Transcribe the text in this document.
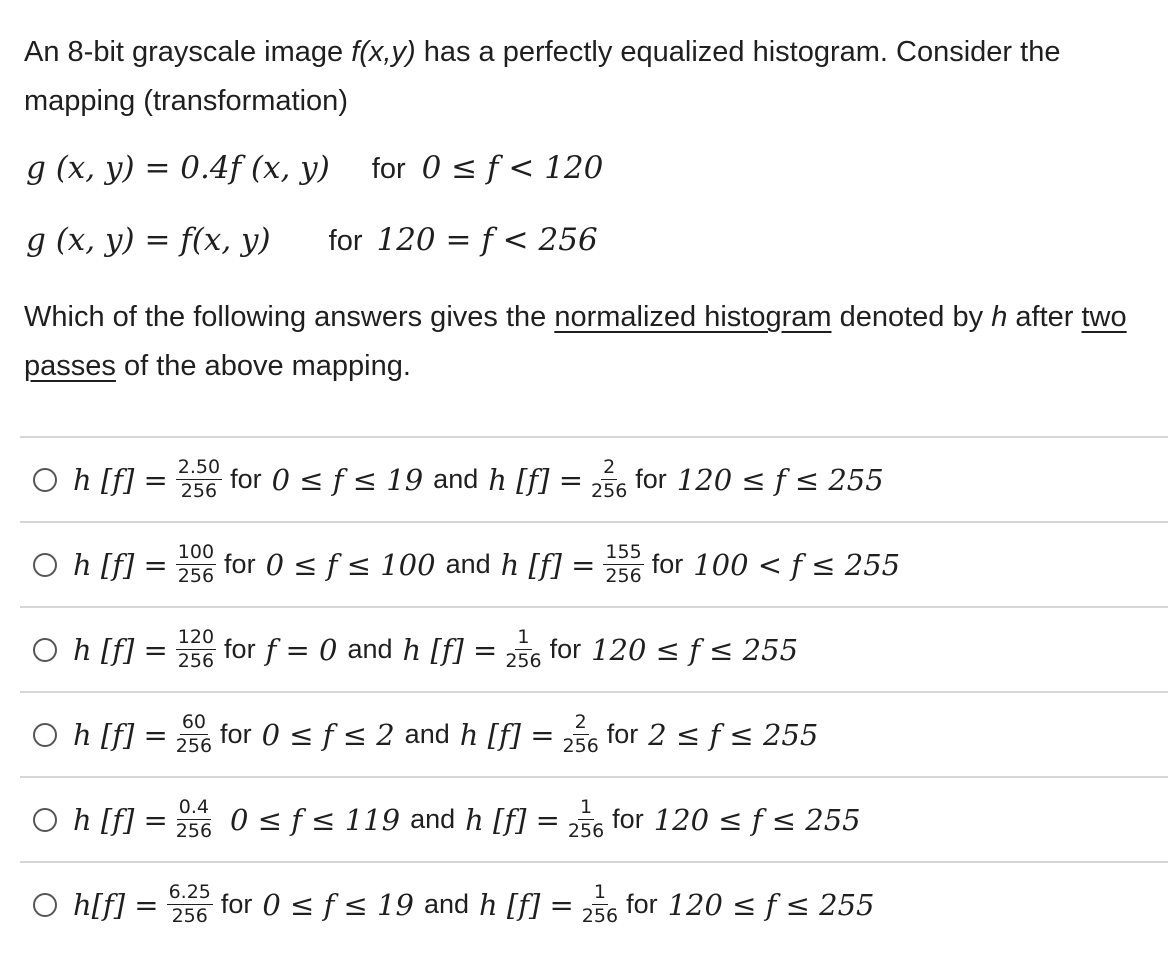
An 8-bit grayscale image f(x,y) has a perfectly equalized histogram. Consider the mapping (transformation)

g (x, y) = 0.4f (x, y) for 0 ≤ f < 120
g (x, y) = f(x, y) for 120 = f < 256

Which of the following answers gives the normalized histogram denoted by h after two passes of the above mapping.

h $[f] = \frac{2.50}{256}$ for 0 ≤ f ≤ 19 and h $[f] = \frac{2}{256}$ for 120 ≤ f ≤ 255
h $[f] = \frac{100}{256}$ for 0 ≤ f ≤ 100 and h $[f] = \frac{155}{256}$ for 100 < f ≤ 255
h $[f] = \frac{120}{256}$ for f = 0 and h $[f] = \frac{1}{256}$ for 120 ≤ f ≤ 255
h $[f] = \frac{60}{256}$ for 0 ≤ f ≤ 2 and h $[f] = \frac{2}{256}$ for 2 ≤ f ≤ 255
h $[f] = \frac{0.4}{256} 0 \le f \le 119$ and h $[f] = \frac{1}{256}$ for 120 ≤ f ≤ 255
$h[f] = \frac{6.25}{256}$ for 0 ≤ f ≤ 19 and h $[f] = \frac{1}{256}$ for 120 ≤ f ≤ 255
